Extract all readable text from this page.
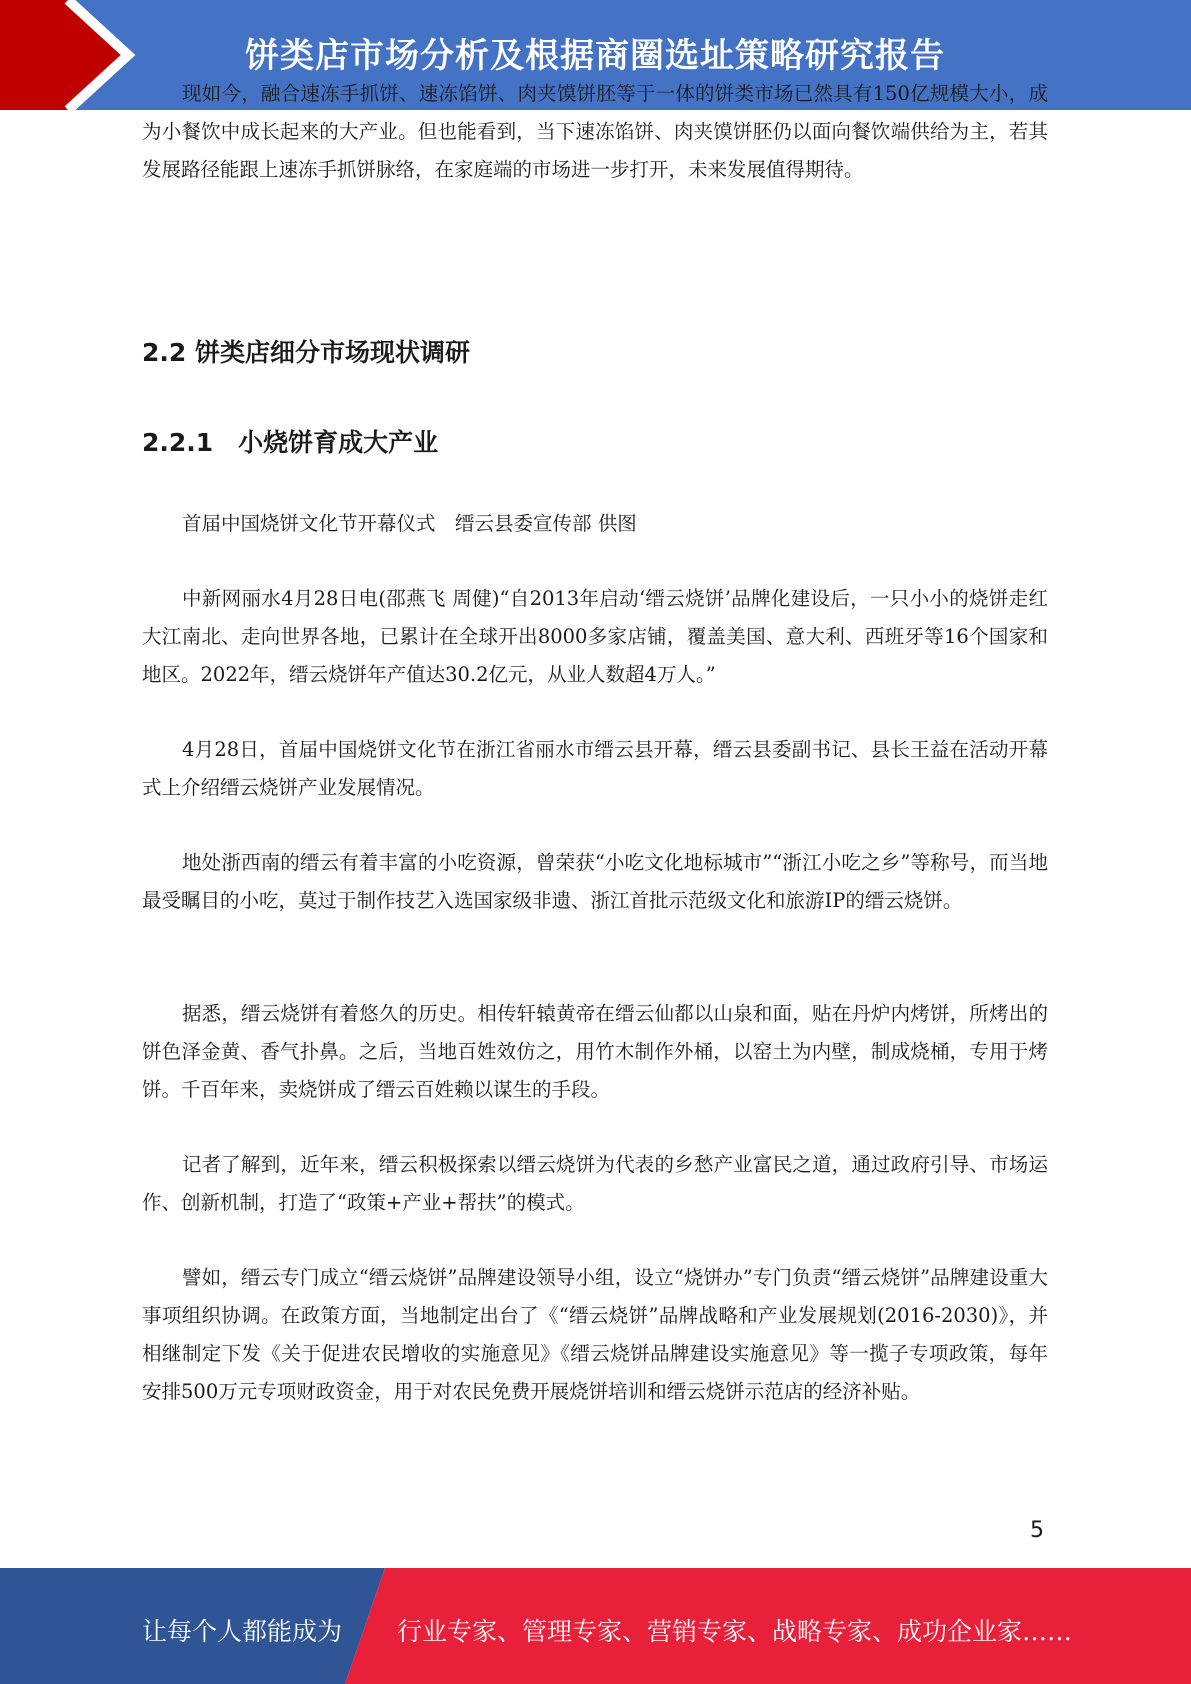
饼类店市场分析及根据商圈选址策略研究报告

现如今，融合速冻手抓饼、速冻馅饼、肉夹馍饼胚等于一体的饼类市场已然具有150亿规模大小，成为小餐饮中成长起来的大产业。但也能看到，当下速冻馅饼、肉夹馍饼胚仍以面向餐饮端供给为主，若其发展路径能跟上速冻手抓饼脉络，在家庭端的市场进一步打开，未来发展值得期待。

2.2 饼类店细分市场现状调研
2.2.1　小烧饼育成大产业

首届中国烧饼文化节开幕仪式　缙云县委宣传部 供图

中新网丽水4月28日电(邵燕飞 周健)“自2013年启动‘缙云烧饼’品牌化建设后，一只小小的烧饼走红大江南北、走向世界各地，已累计在全球开出8000多家店铺，覆盖美国、意大利、西班牙等16个国家和地区。2022年，缙云烧饼年产值达30.2亿元，从业人数超4万人。”

4月28日，首届中国烧饼文化节在浙江省丽水市缙云县开幕，缙云县委副书记、县长王益在活动开幕式上介绍缙云烧饼产业发展情况。

地处浙西南的缙云有着丰富的小吃资源，曾荣获“小吃文化地标城市”“浙江小吃之乡”等称号，而当地最受瞩目的小吃，莫过于制作技艺入选国家级非遗、浙江首批示范级文化和旅游IP的缙云烧饼。

据悉，缙云烧饼有着悠久的历史。相传轩辕黄帝在缙云仙都以山泉和面，贴在丹炉内烤饼，所烤出的饼色泽金黄、香气扑鼻。之后，当地百姓效仿之，用竹木制作外桶，以窑土为内壁，制成烧桶，专用于烤饼。千百年来，卖烧饼成了缙云百姓赖以谋生的手段。

记者了解到，近年来，缙云积极探索以缙云烧饼为代表的乡愁产业富民之道，通过政府引导、市场运作、创新机制，打造了“政策+产业+帮扶”的模式。

譬如，缙云专门成立“缙云烧饼”品牌建设领导小组，设立“烧饼办”专门负责“缙云烧饼”品牌建设重大事项组织协调。在政策方面，当地制定出台了《“缙云烧饼”品牌战略和产业发展规划(2016-2030)》，并相继制定下发《关于促进农民增收的实施意见》《缙云烧饼品牌建设实施意见》等一揽子专项政策，每年安排500万元专项财政资金，用于对农民免费开展烧饼培训和缙云烧饼示范店的经济补贴。

5
让每个人都能成为 行业专家、管理专家、营销专家、战略专家、成功企业家……
